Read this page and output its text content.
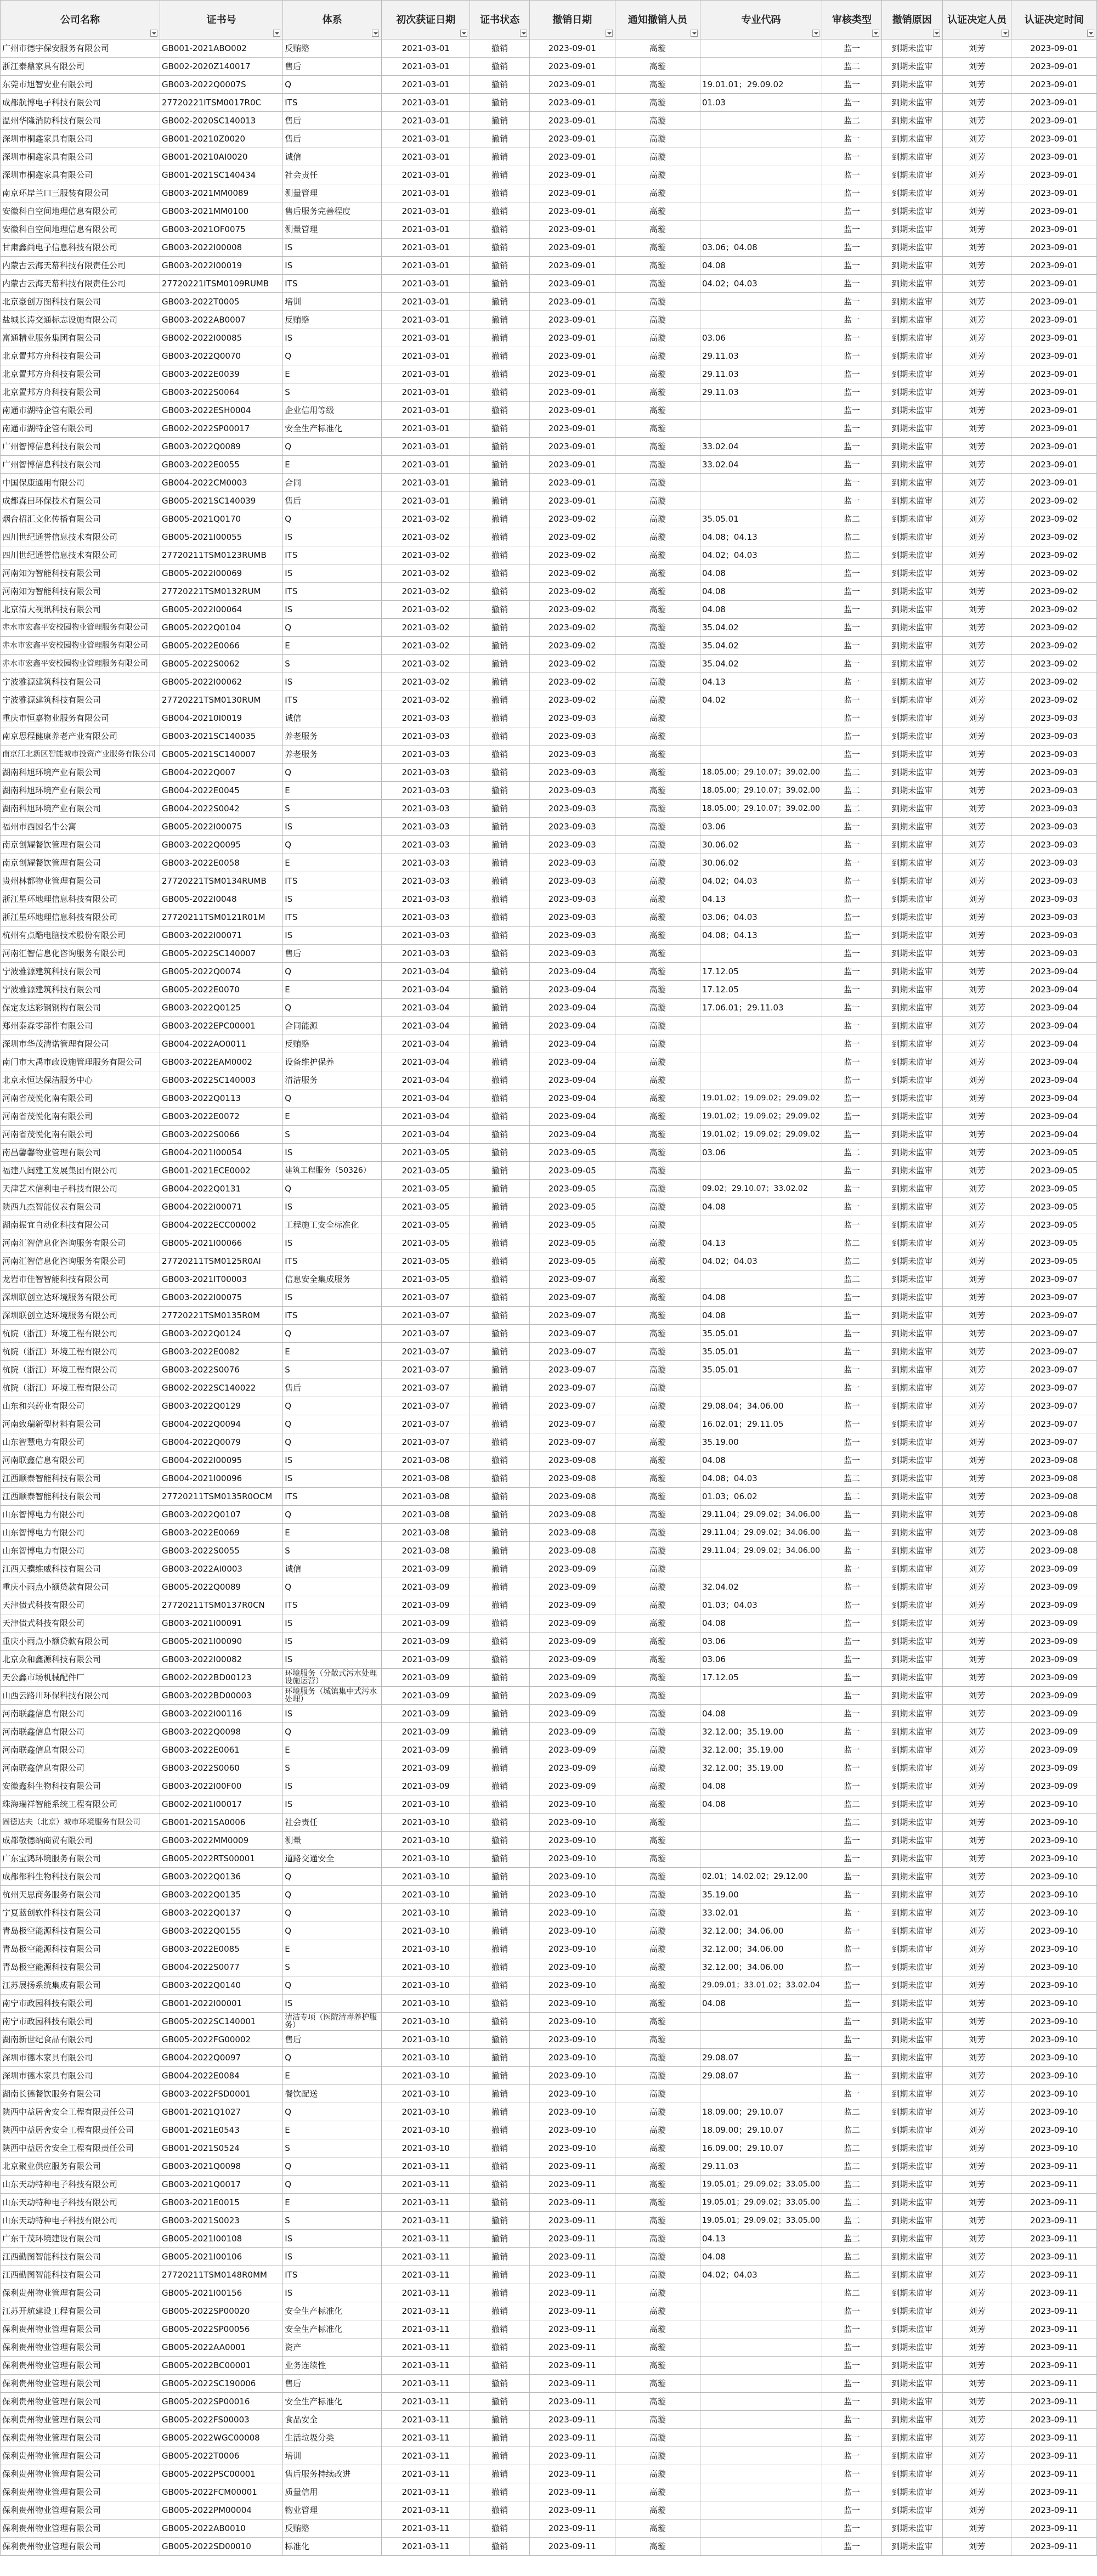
公司名称	证书号	体系	初次获证日期	证书状态	撤销日期	通知撤销人员	专业代码	审核类型	撤销原因	认证决定人员	认证决定时间

广州市德宇保安服务有限公司	GB001-2021ABO002	反贿赂	2021-03-01	撤销	2023-09-01	高璇		监一	到期未监审	刘芳	2023-09-01
浙江泰鼎家具有限公司	GB002-2020Z140017	售后	2021-03-01	撤销	2023-09-01	高璇		监二	到期未监审	刘芳	2023-09-01
东莞市旭智安业有限公司	GB003-2022Q0007S	Q	2021-03-01	撤销	2023-09-01	高璇	19.01.01；29.09.02	监一	到期未监审	刘芳	2023-09-01
成都航博电子科技有限公司	27720221ITSM0017R0C	ITS	2021-03-01	撤销	2023-09-01	高璇	01.03	监一	到期未监审	刘芳	2023-09-01
温州华隆消防科技有限公司	GB002-2020SC140013	售后	2021-03-01	撤销	2023-09-01	高璇		监二	到期未监审	刘芳	2023-09-01
深圳市桐鑫家具有限公司	GB001-20210Z0020	售后	2021-03-01	撤销	2023-09-01	高璇		监一	到期未监审	刘芳	2023-09-01
深圳市桐鑫家具有限公司	GB001-20210AI0020	诚信	2021-03-01	撤销	2023-09-01	高璇		监一	到期未监审	刘芳	2023-09-01
深圳市桐鑫家具有限公司	GB001-2021SC140434	社会责任	2021-03-01	撤销	2023-09-01	高璇		监一	到期未监审	刘芳	2023-09-01
南京环岸兰口三服装有限公司	GB003-2021MM0089	测量管理	2021-03-01	撤销	2023-09-01	高璇		监一	到期未监审	刘芳	2023-09-01
安徽科自空间地理信息有限公司	GB003-2021MM0100	售后服务完善程度	2021-03-01	撤销	2023-09-01	高璇		监一	到期未监审	刘芳	2023-09-01
安徽科自空间地理信息有限公司	GB003-2021OF0075	测量管理	2021-03-01	撤销	2023-09-01	高璇		监一	到期未监审	刘芳	2023-09-01
甘肃鑫尚电子信息科技有限公司	GB003-2022I00008	IS	2021-03-01	撤销	2023-09-01	高璇	03.06；04.08	监一	到期未监审	刘芳	2023-09-01
内蒙古云海天幕科技有限责任公司	GB003-2022I00019	IS	2021-03-01	撤销	2023-09-01	高璇	04.08	监一	到期未监审	刘芳	2023-09-01
内蒙古云海天幕科技有限责任公司	27720221ITSM0109RUMB	ITS	2021-03-01	撤销	2023-09-01	高璇	04.02；04.03	监一	到期未监审	刘芳	2023-09-01
北京豪创万图科技有限公司	GB003-2022T0005	培训	2021-03-01	撤销	2023-09-01	高璇		监一	到期未监审	刘芳	2023-09-01
盐城长涛交通标志设施有限公司	GB003-2022AB0007	反贿赂	2021-03-01	撤销	2023-09-01	高璇		监一	到期未监审	刘芳	2023-09-01
富通精业服务集团有限公司	GB002-2022I00085	IS	2021-03-01	撤销	2023-09-01	高璇	03.06	监一	到期未监审	刘芳	2023-09-01
北京置邦方舟科技有限公司	GB003-2022Q0070	Q	2021-03-01	撤销	2023-09-01	高璇	29.11.03	监一	到期未监审	刘芳	2023-09-01
北京置邦方舟科技有限公司	GB003-2022E0039	E	2021-03-01	撤销	2023-09-01	高璇	29.11.03	监一	到期未监审	刘芳	2023-09-01
北京置邦方舟科技有限公司	GB003-2022S0064	S	2021-03-01	撤销	2023-09-01	高璇	29.11.03	监一	到期未监审	刘芳	2023-09-01
南通市湖特企管有限公司	GB003-2022ESH0004	企业信用等级	2021-03-01	撤销	2023-09-01	高璇		监一	到期未监审	刘芳	2023-09-01
南通市湖特企管有限公司	GB002-2022SP00017	安全生产标准化	2021-03-01	撤销	2023-09-01	高璇		监一	到期未监审	刘芳	2023-09-01
广州智博信息科技有限公司	GB003-2022Q0089	Q	2021-03-01	撤销	2023-09-01	高璇	33.02.04	监一	到期未监审	刘芳	2023-09-01
广州智博信息科技有限公司	GB003-2022E0055	E	2021-03-01	撤销	2023-09-01	高璇	33.02.04	监一	到期未监审	刘芳	2023-09-01
中国保康通用有限公司	GB004-2022CM0003	合同	2021-03-01	撤销	2023-09-01	高璇		监一	到期未监审	刘芳	2023-09-01
成都森田环保技术有限公司	GB005-2021SC140039	售后	2021-03-01	撤销	2023-09-01	高璇		监一	到期未监审	刘芳	2023-09-02
烟台招汇文化传播有限公司	GB005-2021Q0170	Q	2021-03-02	撤销	2023-09-02	高璇	35.05.01	监二	到期未监审	刘芳	2023-09-02
四川世纪通誉信息技术有限公司	GB005-2021I00055	IS	2021-03-02	撤销	2023-09-02	高璇	04.08；04.13	监二	到期未监审	刘芳	2023-09-02
四川世纪通誉信息技术有限公司	27720211TSM0123RUMB	ITS	2021-03-02	撤销	2023-09-02	高璇	04.02；04.03	监二	到期未监审	刘芳	2023-09-02
河南知为智能科技有限公司	GB005-2022I00069	IS	2021-03-02	撤销	2023-09-02	高璇	04.08	监一	到期未监审	刘芳	2023-09-02
河南知为智能科技有限公司	27720221TSM0132RUM	ITS	2021-03-02	撤销	2023-09-02	高璇	04.08	监一	到期未监审	刘芳	2023-09-02
北京清大视讯科技有限公司	GB005-2022I00064	IS	2021-03-02	撤销	2023-09-02	高璇	04.08	监一	到期未监审	刘芳	2023-09-02
赤水市宏鑫平安校园物业管理服务有限公司	GB005-2022Q0104	Q	2021-03-02	撤销	2023-09-02	高璇	35.04.02	监一	到期未监审	刘芳	2023-09-02
赤水市宏鑫平安校园物业管理服务有限公司	GB005-2022E0066	E	2021-03-02	撤销	2023-09-02	高璇	35.04.02	监一	到期未监审	刘芳	2023-09-02
赤水市宏鑫平安校园物业管理服务有限公司	GB005-2022S0062	S	2021-03-02	撤销	2023-09-02	高璇	35.04.02	监一	到期未监审	刘芳	2023-09-02
宁波雅源建筑科技有限公司	GB005-2022I00062	IS	2021-03-02	撤销	2023-09-02	高璇	04.13	监一	到期未监审	刘芳	2023-09-02
宁波雅源建筑科技有限公司	27720221TSM0130RUM	ITS	2021-03-02	撤销	2023-09-02	高璇	04.02	监一	到期未监审	刘芳	2023-09-02
重庆市恒嘉物业服务有限公司	GB004-20210I0019	诚信	2021-03-03	撤销	2023-09-03	高璇		监一	到期未监审	刘芳	2023-09-03
南京思程健康养老产业有限公司	GB003-2021SC140035	养老服务	2021-03-03	撤销	2023-09-03	高璇		监一	到期未监审	刘芳	2023-09-03
南京江北新区智能城市投资产业服务有限公司	GB005-2021SC140007	养老服务	2021-03-03	撤销	2023-09-03	高璇		监一	到期未监审	刘芳	2023-09-03
湖南科旭环境产业有限公司	GB004-2022Q007	Q	2021-03-03	撤销	2023-09-03	高璇	18.05.00；29.10.07；39.02.00	监二	到期未监审	刘芳	2023-09-03
湖南科旭环境产业有限公司	GB004-2022E0045	E	2021-03-03	撤销	2023-09-03	高璇	18.05.00；29.10.07；39.02.00	监二	到期未监审	刘芳	2023-09-03
湖南科旭环境产业有限公司	GB004-2022S0042	S	2021-03-03	撤销	2023-09-03	高璇	18.05.00；29.10.07；39.02.00	监二	到期未监审	刘芳	2023-09-03
福州市西园名牛公寓	GB005-2022I00075	IS	2021-03-03	撤销	2023-09-03	高璇	03.06	监一	到期未监审	刘芳	2023-09-03
南京创耀餐饮管理有限公司	GB003-2022Q0095	Q	2021-03-03	撤销	2023-09-03	高璇	30.06.02	监一	到期未监审	刘芳	2023-09-03
南京创耀餐饮管理有限公司	GB003-2022E0058	E	2021-03-03	撤销	2023-09-03	高璇	30.06.02	监一	到期未监审	刘芳	2023-09-03
贵州林都物业管理有限公司	27720221TSM0134RUMB	ITS	2021-03-03	撤销	2023-09-03	高璇	04.02；04.03	监一	到期未监审	刘芳	2023-09-03
浙江星环地理信息科技有限公司	GB005-2022I0048	IS	2021-03-03	撤销	2023-09-03	高璇	04.13	监一	到期未监审	刘芳	2023-09-03
浙江星环地理信息科技有限公司	27720211TSM0121R01M	ITS	2021-03-03	撤销	2023-09-03	高璇	03.06；04.03	监一	到期未监审	刘芳	2023-09-03
杭州有点酷电脑技术股份有限公司	GB003-2022I00071	IS	2021-03-03	撤销	2023-09-03	高璇	04.08；04.13	监一	到期未监审	刘芳	2023-09-03
河南汇智信息化咨询服务有限公司	GB005-2022SC140007	售后	2021-03-03	撤销	2023-09-03	高璇		监一	到期未监审	刘芳	2023-09-03
宁波雅源建筑科技有限公司	GB005-2022Q0074	Q	2021-03-04	撤销	2023-09-04	高璇	17.12.05	监一	到期未监审	刘芳	2023-09-04
宁波雅源建筑科技有限公司	GB005-2022E0070	E	2021-03-04	撤销	2023-09-04	高璇	17.12.05	监一	到期未监审	刘芳	2023-09-04
保定友达彩钢钢构有限公司	GB003-2022Q0125	Q	2021-03-04	撤销	2023-09-04	高璇	17.06.01；29.11.03	监一	到期未监审	刘芳	2023-09-04
郑州泰森零部件有限公司	GB003-2022EPC00001	合同能源	2021-03-04	撤销	2023-09-04	高璇		监一	到期未监审	刘芳	2023-09-04
深圳市华茂清诺管理有限公司	GB004-2022AO0011	反贿赂	2021-03-04	撤销	2023-09-04	高璇		监一	到期未监审	刘芳	2023-09-04
南门市大禹市政设施管理服务有限公司	GB003-2022EAM0002	设备维护保养	2021-03-04	撤销	2023-09-04	高璇		监一	到期未监审	刘芳	2023-09-04
北京永恒达保洁服务中心	GB003-2022SC140003	清洁服务	2021-03-04	撤销	2023-09-04	高璇		监一	到期未监审	刘芳	2023-09-04
河南省茂悦化南有限公司	GB003-2022Q0113	Q	2021-03-04	撤销	2023-09-04	高璇	19.01.02；19.09.02；29.09.02	监一	到期未监审	刘芳	2023-09-04
河南省茂悦化南有限公司	GB003-2022E0072	E	2021-03-04	撤销	2023-09-04	高璇	19.01.02；19.09.02；29.09.02	监一	到期未监审	刘芳	2023-09-04
河南省茂悦化南有限公司	GB003-2022S0066	S	2021-03-04	撤销	2023-09-04	高璇	19.01.02；19.09.02；29.09.02	监一	到期未监审	刘芳	2023-09-04
南昌馨馨物业管理有限公司	GB004-2021I00054	IS	2021-03-05	撤销	2023-09-05	高璇	03.06	监二	到期未监审	刘芳	2023-09-05
福建八闽建工发展集团有限公司	GB001-2021ECE0002	建筑工程服务（50326）	2021-03-05	撤销	2023-09-05	高璇		监一	到期未监审	刘芳	2023-09-05
天津艺术信利电子科技有限公司	GB004-2022Q0131	Q	2021-03-05	撤销	2023-09-05	高璇	09.02；29.10.07；33.02.02	监一	到期未监审	刘芳	2023-09-05
陕西九杰智能仪表有限公司	GB004-2022I00071	IS	2021-03-05	撤销	2023-09-05	高璇	04.08	监一	到期未监审	刘芳	2023-09-05
湖南振宜自动化科技有限公司	GB004-2022ECC00002	工程施工安全标准化	2021-03-05	撤销	2023-09-05	高璇		监一	到期未监审	刘芳	2023-09-05
河南汇智信息化咨询服务有限公司	GB005-2021I00066	IS	2021-03-05	撤销	2023-09-05	高璇	04.13	监二	到期未监审	刘芳	2023-09-05
河南汇智信息化咨询服务有限公司	27720211TSM0125R0AI	ITS	2021-03-05	撤销	2023-09-05	高璇	04.02；04.03	监二	到期未监审	刘芳	2023-09-05
龙岩市佳智智能科技有限公司	GB003-2021IT00003	信息安全集成服务	2021-03-05	撤销	2023-09-07	高璇		监二	到期未监审	刘芳	2023-09-07
深圳联创立达环境服务有限公司	GB003-2022I00075	IS	2021-03-07	撤销	2023-09-07	高璇	04.08	监一	到期未监审	刘芳	2023-09-07
深圳联创立达环境服务有限公司	27720221TSM0135R0M	ITS	2021-03-07	撤销	2023-09-07	高璇	04.08	监一	到期未监审	刘芳	2023-09-07
杭院（浙江）环境工程有限公司	GB003-2022Q0124	Q	2021-03-07	撤销	2023-09-07	高璇	35.05.01	监一	到期未监审	刘芳	2023-09-07
杭院（浙江）环境工程有限公司	GB003-2022E0082	E	2021-03-07	撤销	2023-09-07	高璇	35.05.01	监一	到期未监审	刘芳	2023-09-07
杭院（浙江）环境工程有限公司	GB003-2022S0076	S	2021-03-07	撤销	2023-09-07	高璇	35.05.01	监一	到期未监审	刘芳	2023-09-07
杭院（浙江）环境工程有限公司	GB002-2022SC140022	售后	2021-03-07	撤销	2023-09-07	高璇		监一	到期未监审	刘芳	2023-09-07
山东和兴药业有限公司	GB003-2022Q0129	Q	2021-03-07	撤销	2023-09-07	高璇	29.08.04；34.06.00	监一	到期未监审	刘芳	2023-09-07
河南致瑞新型材料有限公司	GB004-2022Q0094	Q	2021-03-07	撤销	2023-09-07	高璇	16.02.01；29.11.05	监一	到期未监审	刘芳	2023-09-07
山东智慧电力有限公司	GB004-2022Q0079	Q	2021-03-07	撤销	2023-09-07	高璇	35.19.00	监一	到期未监审	刘芳	2023-09-07
河南联鑫信息有限公司	GB004-2022I00095	IS	2021-03-08	撤销	2023-09-08	高璇	04.08	监一	到期未监审	刘芳	2023-09-08
江西顺泰智能科技有限公司	GB004-2021I00096	IS	2021-03-08	撤销	2023-09-08	高璇	04.08；04.03	监二	到期未监审	刘芳	2023-09-08
江西顺泰智能科技有限公司	27720211TSM0135R0OCM	ITS	2021-03-08	撤销	2023-09-08	高璇	01.03；06.02	监二	到期未监审	刘芳	2023-09-08
山东智博电力有限公司	GB003-2022Q0107	Q	2021-03-08	撤销	2023-09-08	高璇	29.11.04；29.09.02；34.06.00	监一	到期未监审	刘芳	2023-09-08
山东智博电力有限公司	GB003-2022E0069	E	2021-03-08	撤销	2023-09-08	高璇	29.11.04；29.09.02；34.06.00	监一	到期未监审	刘芳	2023-09-08
山东智博电力有限公司	GB003-2022S0055	S	2021-03-08	撤销	2023-09-08	高璇	29.11.04；29.09.02；34.06.00	监一	到期未监审	刘芳	2023-09-08
江西天骥维威科技有限公司	GB003-2022AI0003	诚信	2021-03-09	撤销	2023-09-09	高璇		监一	到期未监审	刘芳	2023-09-09
重庆小雨点小额贷款有限公司	GB005-2022Q0089	Q	2021-03-09	撤销	2023-09-09	高璇	32.04.02	监一	到期未监审	刘芳	2023-09-09
天津债式科技有限公司	27720211TSM0137R0CN	ITS	2021-03-09	撤销	2023-09-09	高璇	01.03；04.03	监一	到期未监审	刘芳	2023-09-09
天津债式科技有限公司	GB003-2021I00091	IS	2021-03-09	撤销	2023-09-09	高璇	04.08	监一	到期未监审	刘芳	2023-09-09
重庆小雨点小额贷款有限公司	GB005-2021I00090	IS	2021-03-09	撤销	2023-09-09	高璇	03.06	监一	到期未监审	刘芳	2023-09-09
北京众和鑫源科技有限公司	GB003-2022I00082	IS	2021-03-09	撤销	2023-09-09	高璇	03.06	监一	到期未监审	刘芳	2023-09-09
天公鑫市场机械配件厂	GB002-2022BD00123	环境服务（分散式污水处理设施运营）	2021-03-09	撤销	2023-09-09	高璇	17.12.05	监一	到期未监审	刘芳	2023-09-09
山西云路川环保科技有限公司	GB003-2022BD00003	环境服务（城镇集中式污水处理）	2021-03-09	撤销	2023-09-09	高璇		监一	到期未监审	刘芳	2023-09-09
河南联鑫信息有限公司	GB003-2022I00116	IS	2021-03-09	撤销	2023-09-09	高璇	04.08	监一	到期未监审	刘芳	2023-09-09
河南联鑫信息有限公司	GB003-2022Q0098	Q	2021-03-09	撤销	2023-09-09	高璇	32.12.00；35.19.00	监一	到期未监审	刘芳	2023-09-09
河南联鑫信息有限公司	GB003-2022E0061	E	2021-03-09	撤销	2023-09-09	高璇	32.12.00；35.19.00	监一	到期未监审	刘芳	2023-09-09
河南联鑫信息有限公司	GB003-2022S0060	S	2021-03-09	撤销	2023-09-09	高璇	32.12.00；35.19.00	监一	到期未监审	刘芳	2023-09-09
安徽鑫科生物科技有限公司	GB003-2022I00F00	IS	2021-03-09	撤销	2023-09-09	高璇	04.08	监一	到期未监审	刘芳	2023-09-09
珠海瑞祥智能系统工程有限公司	GB002-2021I00017	IS	2021-03-10	撤销	2023-09-10	高璇	04.08	监二	到期未监审	刘芳	2023-09-10
固德达夫（北京）城市环境服务有限公司	GB001-2021SA0006	社会责任	2021-03-10	撤销	2023-09-10	高璇		监二	到期未监审	刘芳	2023-09-10
成都敬德纳商贸有限公司	GB003-2022MM0009	测量	2021-03-10	撤销	2023-09-10	高璇		监一	到期未监审	刘芳	2023-09-10
广东宝鸿环境服务有限公司	GB005-2022RTS00001	道路交通安全	2021-03-10	撤销	2023-09-10	高璇		监一	到期未监审	刘芳	2023-09-10
成都都科生物科技有限公司	GB003-2022Q0136	Q	2021-03-10	撤销	2023-09-10	高璇	02.01；14.02.02；29.12.00	监一	到期未监审	刘芳	2023-09-10
杭州天思商务服务有限公司	GB003-2022Q0135	Q	2021-03-10	撤销	2023-09-10	高璇	35.19.00	监一	到期未监审	刘芳	2023-09-10
宁夏蓝创软件科技有限公司	GB003-2022Q0137	Q	2021-03-10	撤销	2023-09-10	高璇	33.02.01	监一	到期未监审	刘芳	2023-09-10
青岛极空能源科技有限公司	GB003-2022Q0155	Q	2021-03-10	撤销	2023-09-10	高璇	32.12.00；34.06.00	监一	到期未监审	刘芳	2023-09-10
青岛极空能源科技有限公司	GB003-2022E0085	E	2021-03-10	撤销	2023-09-10	高璇	32.12.00；34.06.00	监一	到期未监审	刘芳	2023-09-10
青岛极空能源科技有限公司	GB004-2022S0077	S	2021-03-10	撤销	2023-09-10	高璇	32.12.00；34.06.00	监一	到期未监审	刘芳	2023-09-10
江苏展扬系统集成有限公司	GB003-2022Q0140	Q	2021-03-10	撤销	2023-09-10	高璇	29.09.01；33.01.02；33.02.04	监一	到期未监审	刘芳	2023-09-10
南宁市政园科技有限公司	GB001-2022I00001	IS	2021-03-10	撤销	2023-09-10	高璇	04.08	监一	到期未监审	刘芳	2023-09-10
南宁市政园科技有限公司	GB005-2022SC140001	清洁专项（医院清毒养护服务）	2021-03-10	撤销	2023-09-10	高璇		监一	到期未监审	刘芳	2023-09-10
湖南新世纪食品有限公司	GB005-2022FG00002	售后	2021-03-10	撤销	2023-09-10	高璇		监一	到期未监审	刘芳	2023-09-10
深圳市德木家具有限公司	GB004-2022Q0097	Q	2021-03-10	撤销	2023-09-10	高璇	29.08.07	监一	到期未监审	刘芳	2023-09-10
深圳市德木家具有限公司	GB004-2022E0084	E	2021-03-10	撤销	2023-09-10	高璇	29.08.07	监一	到期未监审	刘芳	2023-09-10
湖南长德餐饮服务有限公司	GB003-2022FSD0001	餐饮配送	2021-03-10	撤销	2023-09-10	高璇		监一	到期未监审	刘芳	2023-09-10
陕西中益居舍安全工程有限责任公司	GB001-2021Q1027	Q	2021-03-10	撤销	2023-09-10	高璇	18.09.00；29.10.07	监二	到期未监审	刘芳	2023-09-10
陕西中益居舍安全工程有限责任公司	GB001-2021E0543	E	2021-03-10	撤销	2023-09-10	高璇	18.09.00；29.10.07	监二	到期未监审	刘芳	2023-09-10
陕西中益居舍安全工程有限责任公司	GB001-2021S0524	S	2021-03-10	撤销	2023-09-10	高璇	16.09.00；29.10.07	监二	到期未监审	刘芳	2023-09-10
北京聚业供应服务有限公司	GB003-2021Q0098	Q	2021-03-11	撤销	2023-09-11	高璇	29.11.03	监二	到期未监审	刘芳	2023-09-11
山东天动特种电子科技有限公司	GB003-2021Q0017	Q	2021-03-11	撤销	2023-09-11	高璇	19.05.01；29.09.02；33.05.00	监二	到期未监审	刘芳	2023-09-11
山东天动特种电子科技有限公司	GB003-2021E0015	E	2021-03-11	撤销	2023-09-11	高璇	19.05.01；29.09.02；33.05.00	监二	到期未监审	刘芳	2023-09-11
山东天动特种电子科技有限公司	GB003-2021S0023	S	2021-03-11	撤销	2023-09-11	高璇	19.05.01；29.09.02；33.05.00	监二	到期未监审	刘芳	2023-09-11
广东千茂环境建设有限公司	GB005-2021I00108	IS	2021-03-11	撤销	2023-09-11	高璇	04.13	监二	到期未监审	刘芳	2023-09-11
江西勤图智能科技有限公司	GB005-2021I00106	IS	2021-03-11	撤销	2023-09-11	高璇	04.08	监二	到期未监审	刘芳	2023-09-11
江西勤图智能科技有限公司	27720211TSM0148R0MM	ITS	2021-03-11	撤销	2023-09-11	高璇	04.02；04.03	监二	到期未监审	刘芳	2023-09-11
保利贵州物业管理有限公司	GB005-2021I00156	IS	2021-03-11	撤销	2023-09-11	高璇		监二	到期未监审	刘芳	2023-09-11
江苏开航建设工程有限公司	GB005-2022SP00020	安全生产标准化	2021-03-11	撤销	2023-09-11	高璇		监一	到期未监审	刘芳	2023-09-11
保利贵州物业管理有限公司	GB005-2022SP00056	安全生产标准化	2021-03-11	撤销	2023-09-11	高璇		监一	到期未监审	刘芳	2023-09-11
保利贵州物业管理有限公司	GB005-2022AA0001	资产	2021-03-11	撤销	2023-09-11	高璇		监一	到期未监审	刘芳	2023-09-11
保利贵州物业管理有限公司	GB005-2022BC00001	业务连续性	2021-03-11	撤销	2023-09-11	高璇		监一	到期未监审	刘芳	2023-09-11
保利贵州物业管理有限公司	GB005-2022SC190006	售后	2021-03-11	撤销	2023-09-11	高璇		监一	到期未监审	刘芳	2023-09-11
保利贵州物业管理有限公司	GB005-2022SP00016	安全生产标准化	2021-03-11	撤销	2023-09-11	高璇		监一	到期未监审	刘芳	2023-09-11
保利贵州物业管理有限公司	GB005-2022FS00003	食品安全	2021-03-11	撤销	2023-09-11	高璇		监一	到期未监审	刘芳	2023-09-11
保利贵州物业管理有限公司	GB005-2022WGC00008	生活垃圾分类	2021-03-11	撤销	2023-09-11	高璇		监一	到期未监审	刘芳	2023-09-11
保利贵州物业管理有限公司	GB005-2022T0006	培训	2021-03-11	撤销	2023-09-11	高璇		监一	到期未监审	刘芳	2023-09-11
保利贵州物业管理有限公司	GB005-2022PSC00001	售后服务持续改进	2021-03-11	撤销	2023-09-11	高璇		监一	到期未监审	刘芳	2023-09-11
保利贵州物业管理有限公司	GB005-2022FCM00001	质量信用	2021-03-11	撤销	2023-09-11	高璇		监一	到期未监审	刘芳	2023-09-11
保利贵州物业管理有限公司	GB005-2022PM00004	物业管理	2021-03-11	撤销	2023-09-11	高璇		监一	到期未监审	刘芳	2023-09-11
保利贵州物业管理有限公司	GB005-2022AB0010	反贿赂	2021-03-11	撤销	2023-09-11	高璇		监一	到期未监审	刘芳	2023-09-11
保利贵州物业管理有限公司	GB005-2022SD00010	标准化	2021-03-11	撤销	2023-09-11	高璇		监一	到期未监审	刘芳	2023-09-11
